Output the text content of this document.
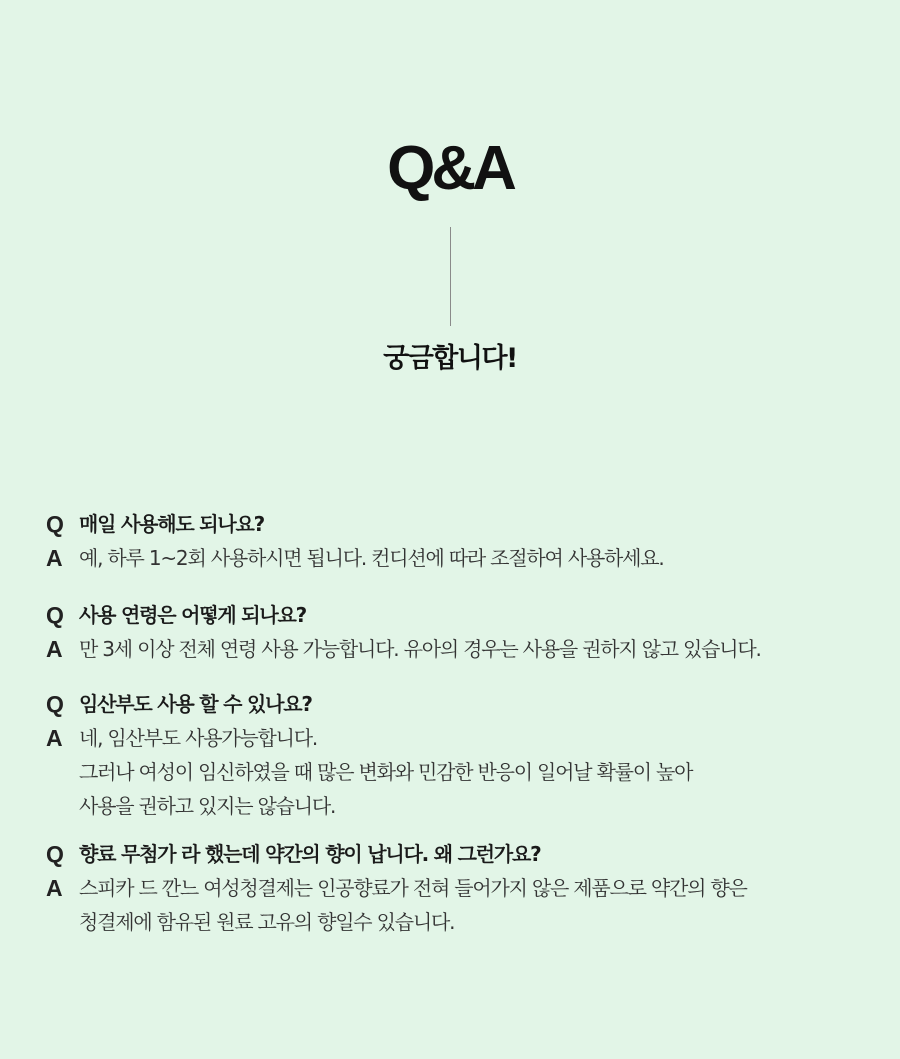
Q&A
궁금합니다!
Q 매일 사용해도 되나요?
A 예, 하루 1~2회 사용하시면 됩니다. 컨디션에 따라 조절하여 사용하세요.
Q 사용 연령은 어떻게 되나요?
A 만 3세 이상 전체 연령 사용 가능합니다. 유아의 경우는 사용을 권하지 않고 있습니다.
Q 임산부도 사용 할 수 있나요?
A 네, 임산부도 사용가능합니다.
그러나 여성이 임신하였을 때 많은 변화와 민감한 반응이 일어날 확률이 높아
사용을 권하고 있지는 않습니다.
Q 향료 무첨가 라 했는데 약간의 향이 납니다. 왜 그런가요?
A 스피카 드 깐느 여성청결제는 인공향료가 전혀 들어가지 않은 제품으로 약간의 향은
청결제에 함유된 원료 고유의 향일수 있습니다.
